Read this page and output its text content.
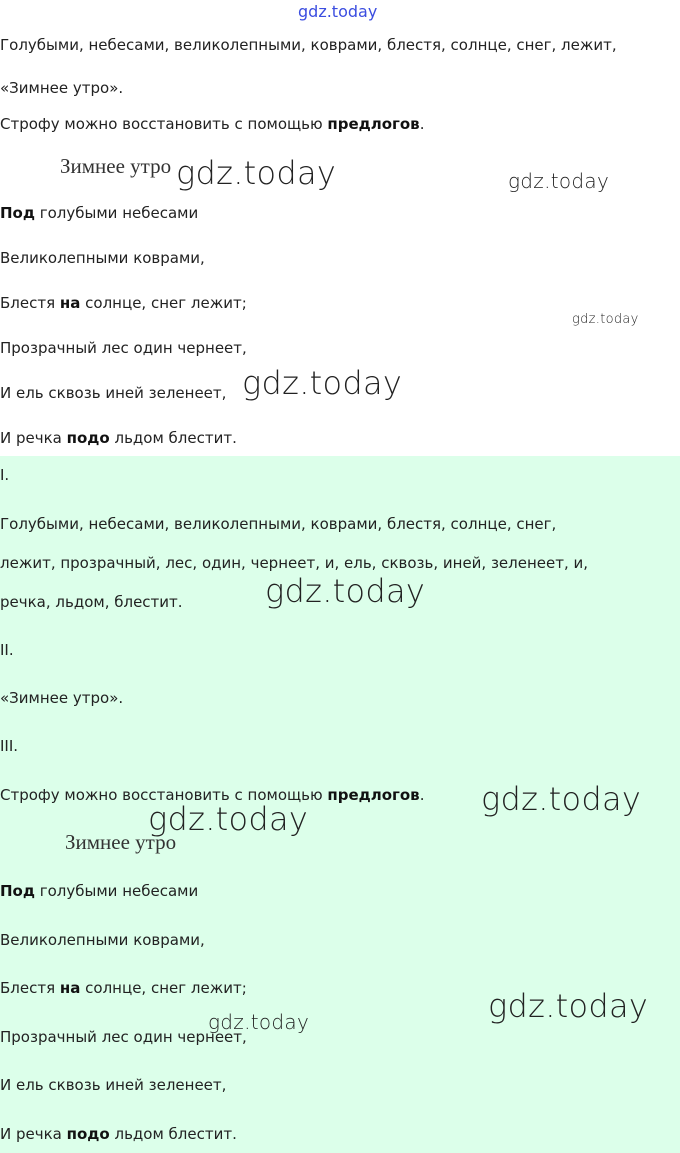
gdz.today
Голубыми, небесами, великолепными, коврами, блестя, солнце, снег, лежит,
«Зимнее утро».
Строфу можно восстановить с помощью предлогов.
Зимнее утро
Под голубыми небесами
Великолепными коврами,
Блестя на солнце, снег лежит;
Прозрачный лес один чернеет,
И ель сквозь иней зеленеет,
И речка подо льдом блестит.
I.
Голубыми, небесами, великолепными, коврами, блестя, солнце, снег,
лежит, прозрачный, лес, один, чернеет, и, ель, сквозь, иней, зеленеет, и,
речка, льдом, блестит.
II.
«Зимнее утро».
III.
Строфу можно восстановить с помощью предлогов.
Зимнее утро
Под голубыми небесами
Великолепными коврами,
Блестя на солнце, снег лежит;
Прозрачный лес один чернеет,
И ель сквозь иней зеленеет,
И речка подо льдом блестит.
gdz.today	gdz.today
gdz.today
gdz.today
gdz.today
gdz.today
gdz.today
gdz.today
gdz.today
